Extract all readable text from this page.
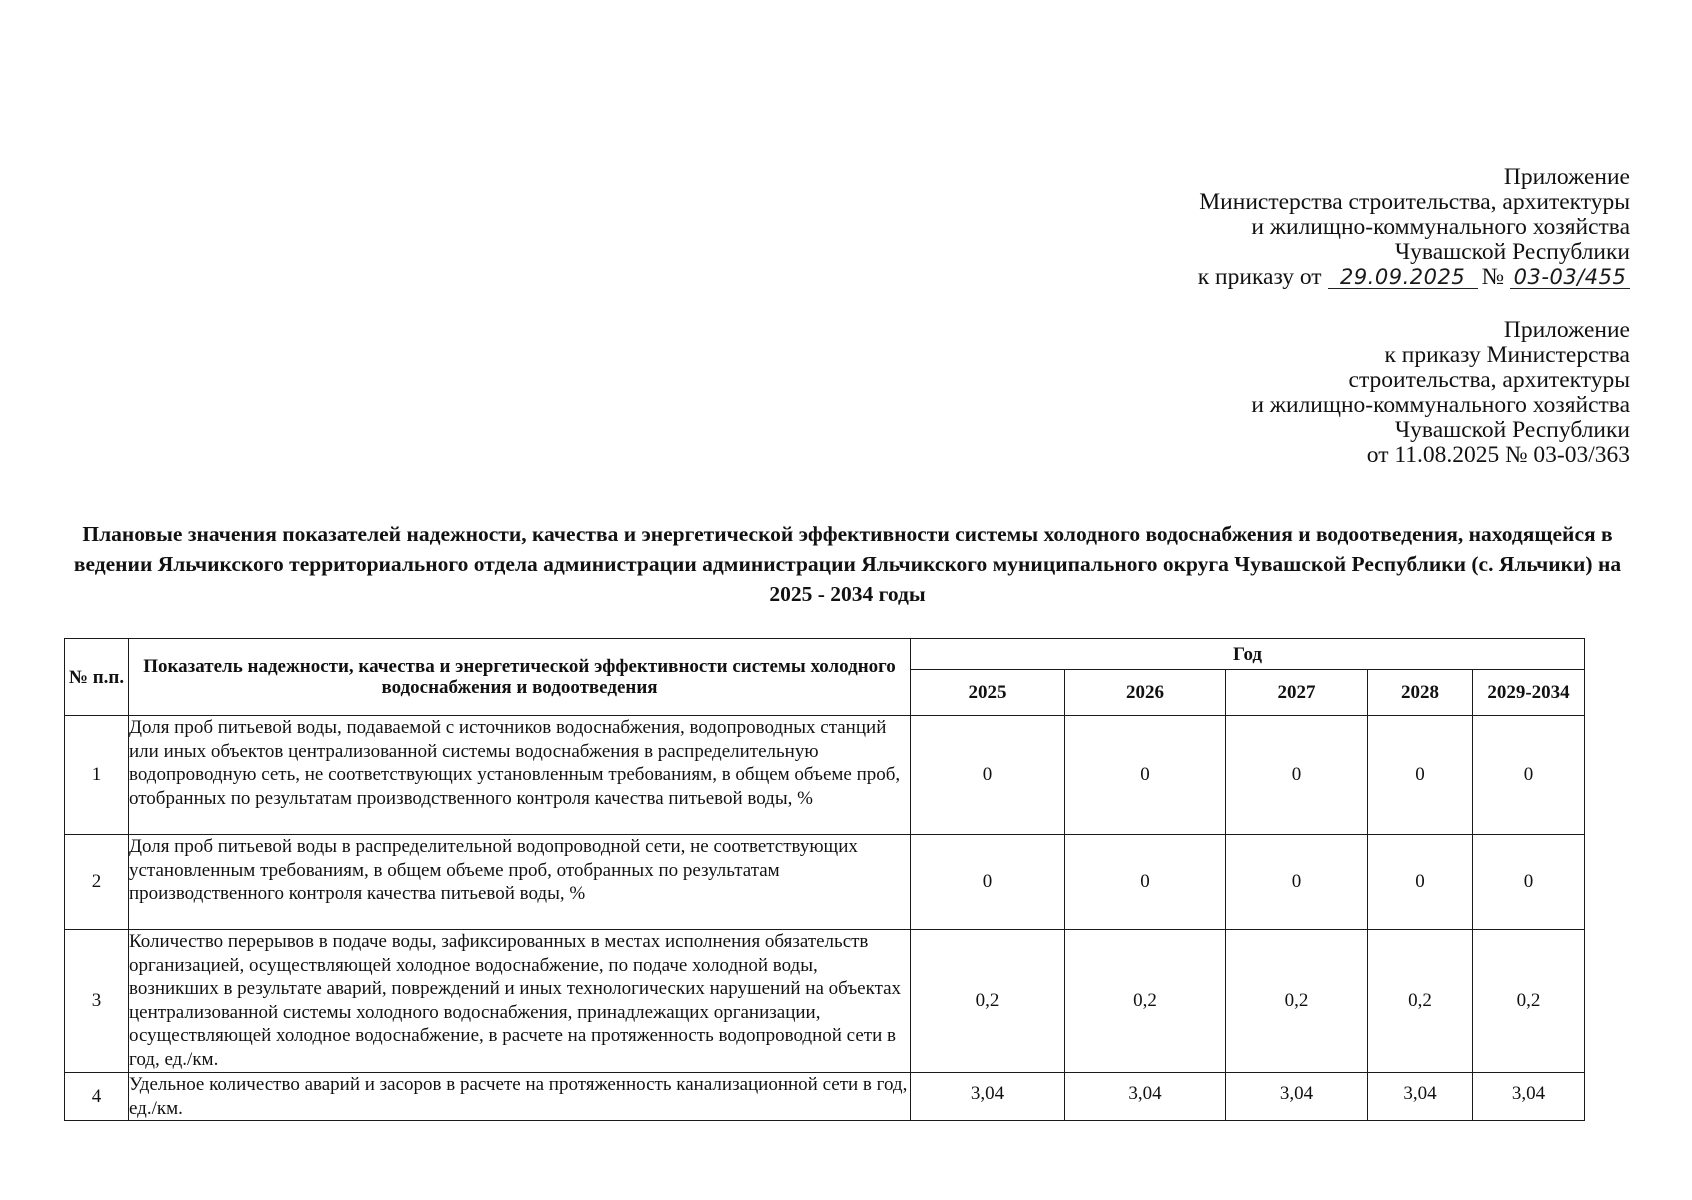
Приложение
Министерства строительства, архитектуры
и жилищно-коммунального хозяйства
Чувашской Республики
к приказу от 29.09.2025 № 03-03/455
Приложение
к приказу Министерства
строительства, архитектуры
и жилищно-коммунального хозяйства
Чувашской Республики
от 11.08.2025 № 03-03/363
Плановые значения показателей надежности, качества и энергетической эффективности системы холодного водоснабжения и водоотведения, находящейся в ведении Яльчикского территориального отдела администрации администрации Яльчикского муниципального округа Чувашской Республики (с. Яльчики) на 2025 - 2034 годы
№ п.п.	Показатель надежности, качества и энергетической эффективности системы холодного водоснабжения и водоотведения	Год				
		2025	2026	2027	2028	2029-2034
1	Доля проб питьевой воды, подаваемой с источников водоснабжения, водопроводных станций или иных объектов централизованной системы водоснабжения в распределительную водопроводную сеть, не соответствующих установленным требованиям, в общем объеме проб, отобранных по результатам производственного контроля качества питьевой воды, %	0	0	0	0	0
2	Доля проб питьевой воды в распределительной водопроводной сети, не соответствующих установленным требованиям, в общем объеме проб, отобранных по результатам производственного контроля качества питьевой воды, %	0	0	0	0	0
3	Количество перерывов в подаче воды, зафиксированных в местах исполнения обязательств организацией, осуществляющей холодное водоснабжение, по подаче холодной воды, возникших в результате аварий, повреждений и иных технологических нарушений на объектах централизованной системы холодного водоснабжения, принадлежащих организации, осуществляющей холодное водоснабжение, в расчете на протяженность водопроводной сети в год, ед./км.	0,2	0,2	0,2	0,2	0,2
4	Удельное количество аварий и засоров в расчете на протяженность канализационной сети в год, ед./км.	3,04	3,04	3,04	3,04	3,04
